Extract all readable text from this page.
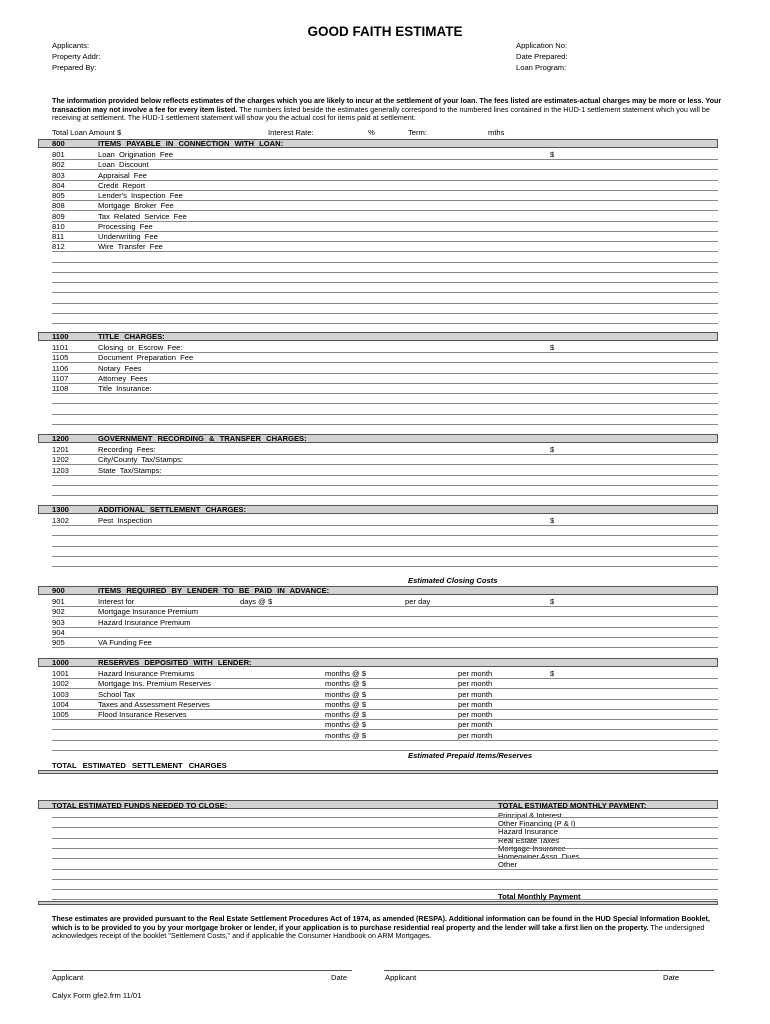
GOOD FAITH ESTIMATE
Applicants:
Property Addr:
Prepared By:
Application No:
Date Prepared:
Loan Program:
The information provided below reflects estimates of the charges which you are likely to incur at the settlement of your loan. The fees listed are estimates-actual charges may be more or less. Your transaction may not involve a fee for every item listed. The numbers listed beside the estimates generally correspond to the numbered lines contained in the HUD-1 settlement statement which you will be receiving at settlement. The HUD-1 settlement statement will show you the actual cost for items paid at settlement.
Total Loan Amount $	Interest Rate:	%	Term:	mths
800	ITEMS PAYABLE IN CONNECTION WITH LOAN:
801	Loan Origination Fee	$
802	Loan Discount
803	Appraisal Fee
804	Credit Report
805	Lender's Inspection Fee
808	Mortgage Broker Fee
809	Tax Related Service Fee
810	Processing Fee
811	Underwriting Fee
812	Wire Transfer Fee
1100	TITLE CHARGES:
1101	Closing or Escrow Fee:	$
1105	Document Preparation Fee
1106	Notary Fees
1107	Attorney Fees
1108	Title Insurance:
1200	GOVERNMENT RECORDING & TRANSFER CHARGES:
1201	Recording Fees:	$
1202	City/County Tax/Stamps:
1203	State Tax/Stamps:
1300	ADDITIONAL SETTLEMENT CHARGES:
1302	Pest Inspection	$
Estimated Closing Costs
900	ITEMS REQUIRED BY LENDER TO BE PAID IN ADVANCE:
901	Interest for	days @ $	per day	$
902	Mortgage Insurance Premium
903	Hazard Insurance Premium
904
905	VA Funding Fee
1000	RESERVES DEPOSITED WITH LENDER:
1001	Hazard Insurance Premiums	months @ $	per month	$
1002	Mortgage Ins. Premium Reserves	months @ $	per month
1003	School Tax	months @ $	per month
1004	Taxes and Assessment Reserves	months @ $	per month
1005	Flood Insurance Reserves	months @ $	per month
months @ $	per month
months @ $	per month
Estimated Prepaid Items/Reserves
TOTAL ESTIMATED SETTLEMENT CHARGES
TOTAL ESTIMATED FUNDS NEEDED TO CLOSE:	TOTAL ESTIMATED MONTHLY PAYMENT:
Principal & Interest
Other Financing (P & I)
Hazard Insurance
Real Estate Taxes
Mortgage Insurance
Homeowner Assn. Dues
Other
Total Monthly Payment
These estimates are provided pursuant to the Real Estate Settlement Procedures Act of 1974, as amended (RESPA). Additional information can be found in the HUD Special Information Booklet, which is to be provided to you by your mortgage broker or lender, if your application is to purchase residential real property and the lender will take a first lien on the property. The undersigned acknowledges receipt of the booklet "Settlement Costs," and if applicable the Consumer Handbook on ARM Mortgages.
Applicant	Date	Applicant	Date
Calyx Form gfe2.frm 11/01
